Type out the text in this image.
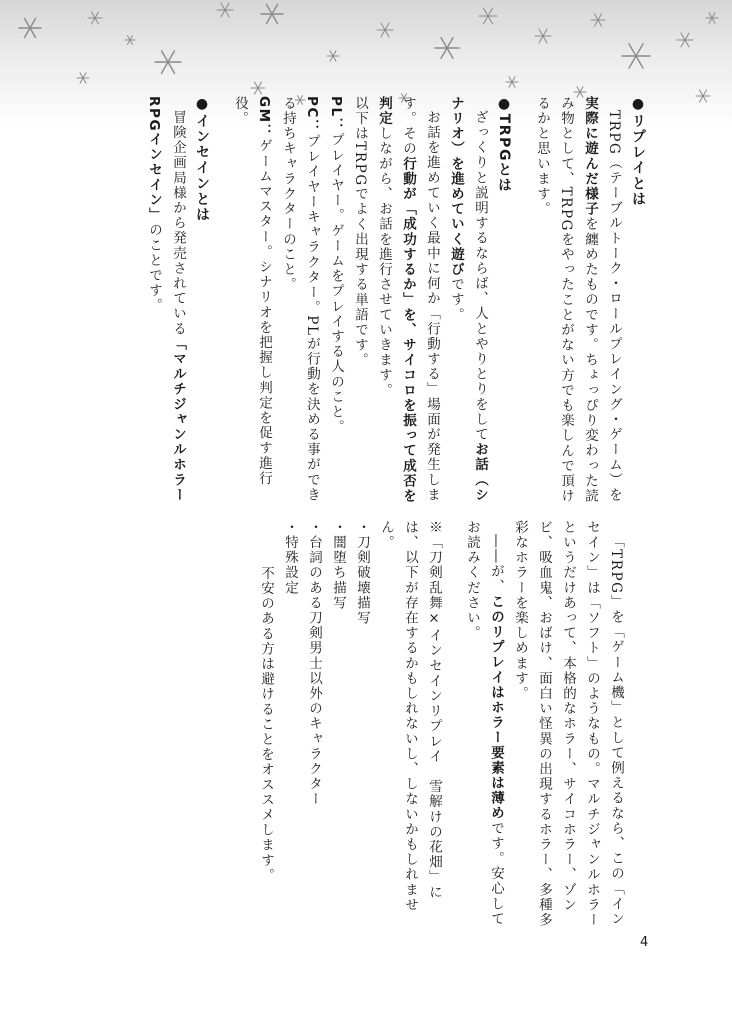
●リプレイとは

TRPG（テーブルトーク・ロールプレイング・ゲーム）を実際に遊んだ様子を纏めたものです。ちょっぴり変わった読み物として、TRPGをやったことがない方でも楽しんで頂けるかと思います。

●TRPGとは

ざっくりと説明するならば、人とやりとりをしてお話（シナリオ）を進めていく遊びです。

お話を進めていく最中に何か「行動する」場面が発生します。その行動が「成功するか」を、サイコロを振って成否を判定しながら、お話を進行させていきます。

以下はTRPGでよく出現する単語です。

PL：プレイヤー。ゲームをプレイする人のこと。

PC：プレイヤーキャラクター。PLが行動を決める事ができる持ちキャラクターのこと。

GM：ゲームマスター。シナリオを把握し判定を促す進行役。

●インセインとは

冒険企画局様から発売されている「マルチジャンルホラーRPGインセイン」のことです。

「TRPG」を「ゲーム機」として例えるなら、この「インセイン」は「ソフト」のようなもの。マルチジャンルホラーというだけあって、本格的なホラー、サイコホラー、ゾンビ、吸血鬼、おばけ、面白い怪異の出現するホラー、多種多彩なホラーを楽しめます。

――が、このリプレイはホラー要素は薄めです。安心してお読みください。

※「刀剣乱舞×インセインリプレイ　雪解けの花畑」には、以下が存在するかもしれないし、しないかもしれません。

・刀剣破壊描写
・闇堕ち描写
・台詞のある刀剣男士以外のキャラクター
・特殊設定

不安のある方は避けることをオススメします。

4
